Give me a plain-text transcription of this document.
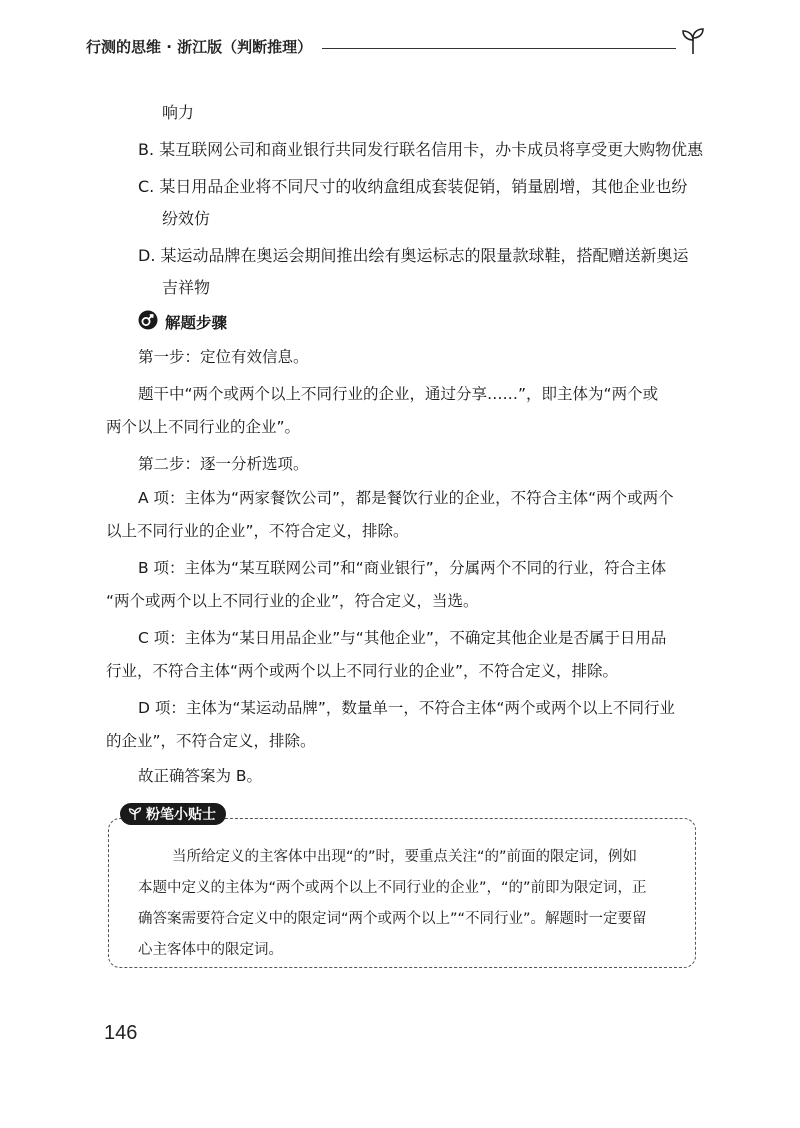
行测的思维 · 浙江版（判断推理）
响力
B. 某互联网公司和商业银行共同发行联名信用卡，办卡成员将享受更大购物优惠
C. 某日用品企业将不同尺寸的收纳盒组成套装促销，销量剧增，其他企业也纷
纷效仿
D. 某运动品牌在奥运会期间推出绘有奥运标志的限量款球鞋，搭配赠送新奥运
吉祥物
解题步骤
第一步：定位有效信息。
题干中“两个或两个以上不同行业的企业，通过分享……”，即主体为“两个或
两个以上不同行业的企业”。
第二步：逐一分析选项。
A 项：主体为“两家餐饮公司”，都是餐饮行业的企业，不符合主体“两个或两个
以上不同行业的企业”，不符合定义，排除。
B 项：主体为“某互联网公司”和“商业银行”，分属两个不同的行业，符合主体
“两个或两个以上不同行业的企业”，符合定义，当选。
C 项：主体为“某日用品企业”与“其他企业”，不确定其他企业是否属于日用品
行业，不符合主体“两个或两个以上不同行业的企业”，不符合定义，排除。
D 项：主体为“某运动品牌”，数量单一，不符合主体“两个或两个以上不同行业
的企业”，不符合定义，排除。
故正确答案为 B。
粉笔小贴士
当所给定义的主客体中出现“的”时，要重点关注“的”前面的限定词，例如
本题中定义的主体为“两个或两个以上不同行业的企业”，“的”前即为限定词，正
确答案需要符合定义中的限定词“两个或两个以上”“不同行业”。解题时一定要留
心主客体中的限定词。
146
